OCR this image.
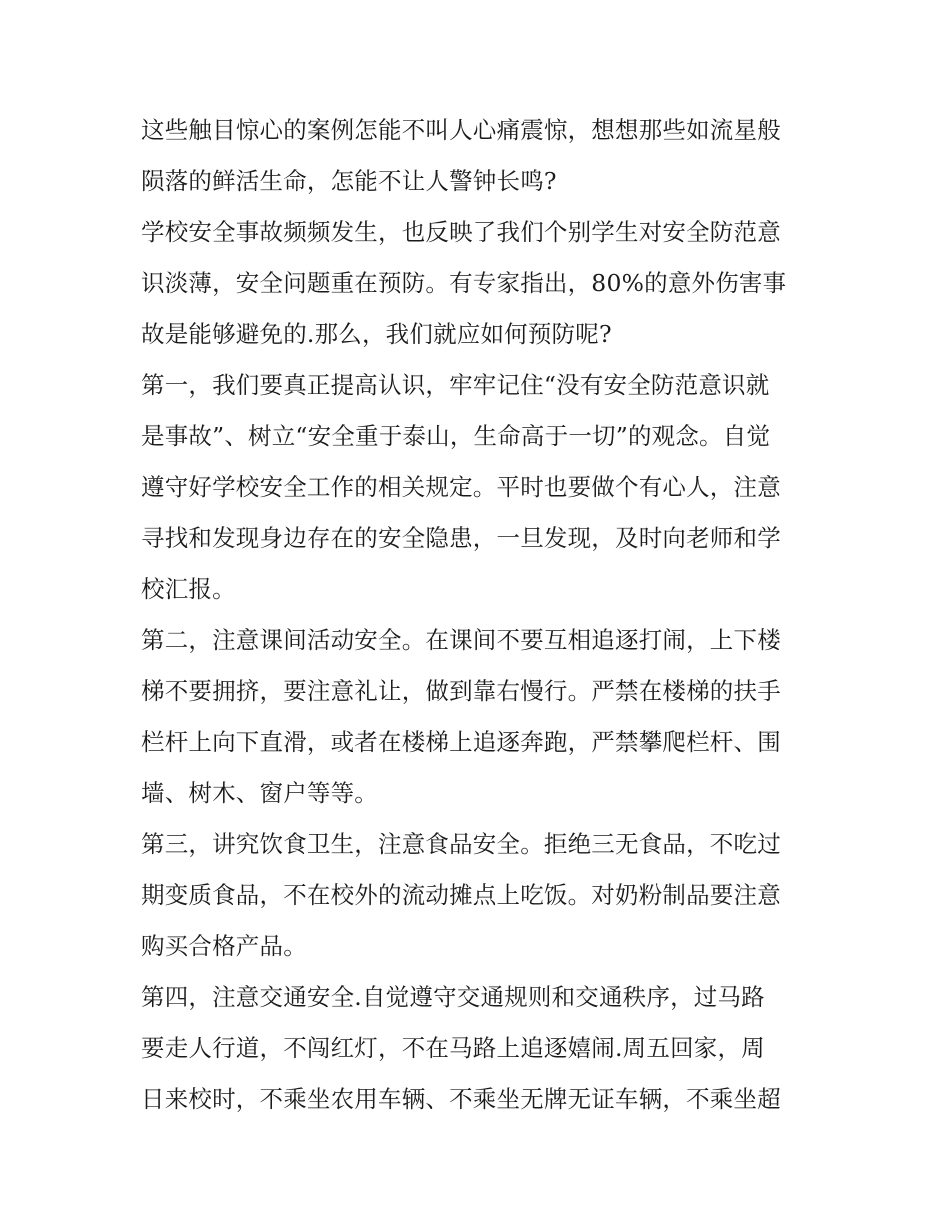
这些触目惊心的案例怎能不叫人心痛震惊，想想那些如流星般
陨落的鲜活生命，怎能不让人警钟长鸣?
学校安全事故频频发生，也反映了我们个别学生对安全防范意
识淡薄，安全问题重在预防。有专家指出，80%的意外伤害事
故是能够避免的.那么，我们就应如何预防呢?
第一，我们要真正提高认识，牢牢记住“没有安全防范意识就
是事故”、树立“安全重于泰山，生命高于一切”的观念。自觉
遵守好学校安全工作的相关规定。平时也要做个有心人，注意
寻找和发现身边存在的安全隐患，一旦发现，及时向老师和学
校汇报。
第二，注意课间活动安全。在课间不要互相追逐打闹，上下楼
梯不要拥挤，要注意礼让，做到靠右慢行。严禁在楼梯的扶手
栏杆上向下直滑，或者在楼梯上追逐奔跑，严禁攀爬栏杆、围
墙、树木、窗户等等。
第三，讲究饮食卫生，注意食品安全。拒绝三无食品，不吃过
期变质食品，不在校外的流动摊点上吃饭。对奶粉制品要注意
购买合格产品。
第四，注意交通安全.自觉遵守交通规则和交通秩序，过马路
要走人行道，不闯红灯，不在马路上追逐嬉闹.周五回家，周
日来校时，不乘坐农用车辆、不乘坐无牌无证车辆，不乘坐超
